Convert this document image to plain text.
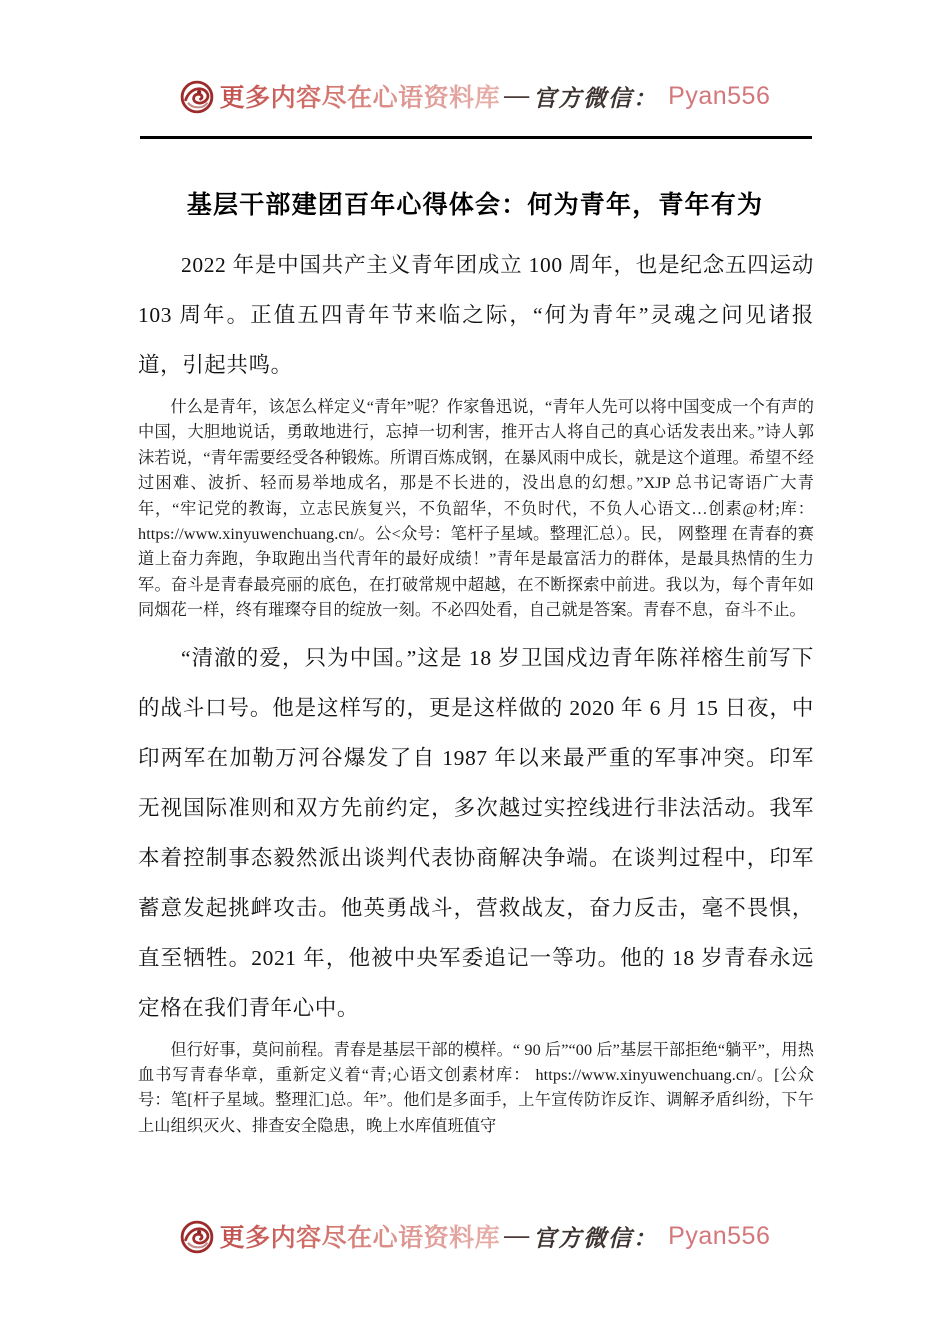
更多内容尽在心语资料库 — 官方微信： Pyan556
基层干部建团百年心得体会：何为青年，青年有为

2022 年是中国共产主义青年团成立 100 周年，也是纪念五四运动 103 周年。正值五四青年节来临之际，“何为青年”灵魂之问见诸报道，引起共鸣。

什么是青年，该怎么样定义“青年”呢？作家鲁迅说，“青年人先可以将中国变成一个有声的中国，大胆地说话，勇敢地进行，忘掉一切利害，推开古人将自己的真心话发表出来。”诗人郭沫若说，“青年需要经受各种锻炼。所谓百炼成钢，在暴风雨中成长，就是这个道理。希望不经过困难、波折、轻而易举地成名，那是不长进的，没出息的幻想。”XJP 总书记寄语广大青年，“牢记党的教诲，立志民族复兴，不负韶华，不负时代，不负人心语文…创素@材;库：https://www.xinyuwenchuang.cn/。公<众号：笔杆子星域。整理汇总）。民， 网整理 在青春的赛道上奋力奔跑，争取跑出当代青年的最好成绩！”青年是最富活力的群体，是最具热情的生力军。奋斗是青春最亮丽的底色，在打破常规中超越，在不断探索中前进。我以为，每个青年如同烟花一样，终有璀璨夺目的绽放一刻。不必四处看，自己就是答案。青春不息，奋斗不止。

“清澈的爱，只为中国。”这是 18 岁卫国戍边青年陈祥榕生前写下的战斗口号。他是这样写的，更是这样做的 2020 年 6 月 15 日夜，中印两军在加勒万河谷爆发了自 1987 年以来最严重的军事冲突。印军无视国际准则和双方先前约定，多次越过实控线进行非法活动。我军本着控制事态毅然派出谈判代表协商解决争端。在谈判过程中，印军蓄意发起挑衅攻击。他英勇战斗，营救战友，奋力反击，毫不畏惧，直至牺牲。2021 年，他被中央军委追记一等功。他的 18 岁青春永远定格在我们青年心中。

但行好事，莫问前程。青春是基层干部的模样。“ 90 后”“00 后”基层干部拒绝“躺平”，用热血书写青春华章，重新定义着“青;心语文创素材库： https://www.xinyuwenchuang.cn/。[公众号：笔[杆子星域。整理汇]总。年”。他们是多面手，上午宣传防诈反诈、调解矛盾纠纷，下午上山组织灭火、排查安全隐患，晚上水库值班值守

更多内容尽在心语资料库 — 官方微信： Pyan556
